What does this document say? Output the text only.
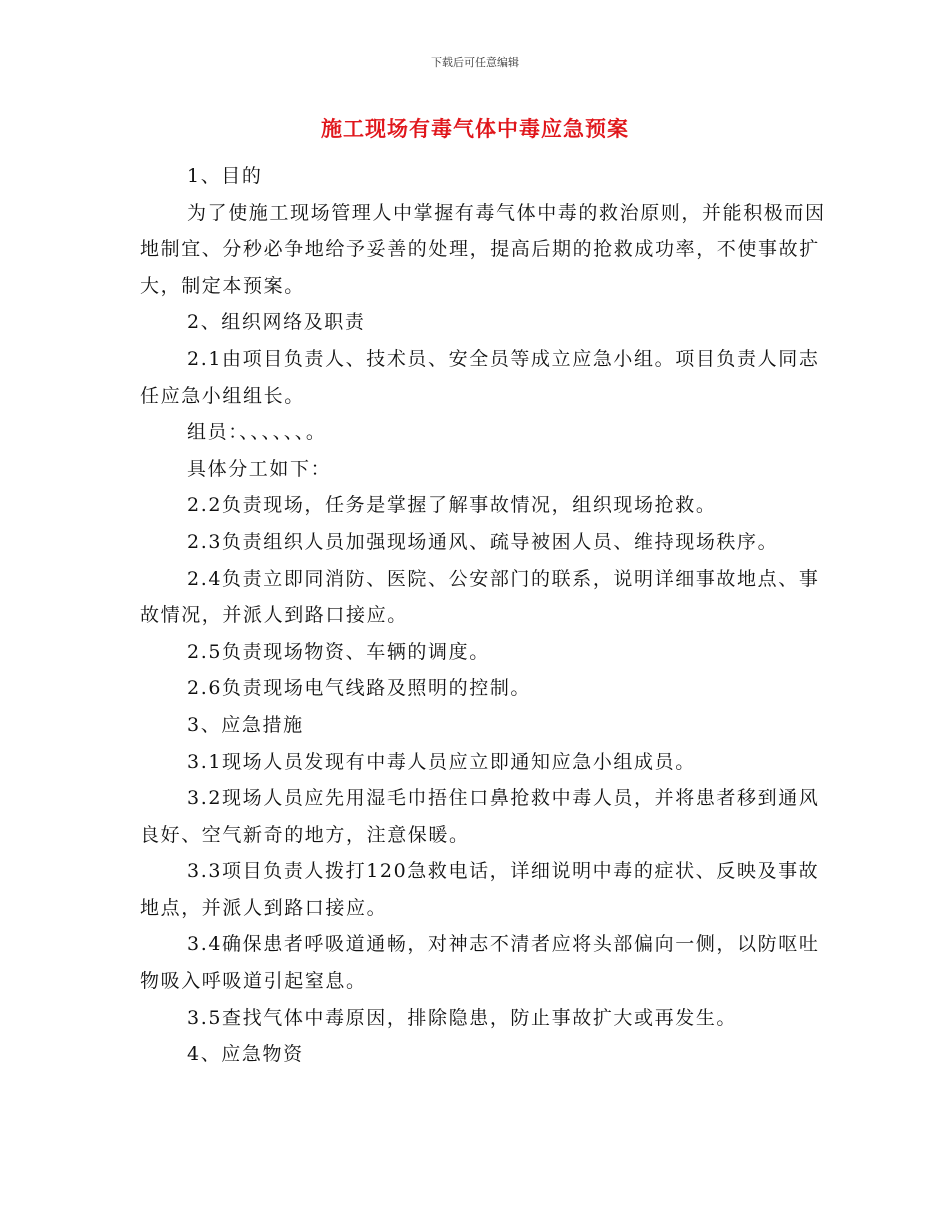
下载后可任意编辑
施工现场有毒气体中毒应急预案

1、目的

为了使施工现场管理人中掌握有毒气体中毒的救治原则，并能积极而因地制宜、分秒必争地给予妥善的处理，提高后期的抢救成功率，不使事故扩大，制定本预案。

2、组织网络及职责

2.1由项目负责人、技术员、安全员等成立应急小组。项目负责人同志任应急小组组长。

组员：、、、、、、。

具体分工如下：

2.2负责现场，任务是掌握了解事故情况，组织现场抢救。

2.3负责组织人员加强现场通风、疏导被困人员、维持现场秩序。

2.4负责立即同消防、医院、公安部门的联系，说明详细事故地点、事故情况，并派人到路口接应。

2.5负责现场物资、车辆的调度。

2.6负责现场电气线路及照明的控制。

3、应急措施

3.1现场人员发现有中毒人员应立即通知应急小组成员。

3.2现场人员应先用湿毛巾捂住口鼻抢救中毒人员，并将患者移到通风良好、空气新奇的地方，注意保暖。

3.3项目负责人拨打120急救电话，详细说明中毒的症状、反映及事故地点，并派人到路口接应。

3.4确保患者呼吸道通畅，对神志不清者应将头部偏向一侧，以防呕吐物吸入呼吸道引起窒息。

3.5查找气体中毒原因，排除隐患，防止事故扩大或再发生。

4、应急物资
